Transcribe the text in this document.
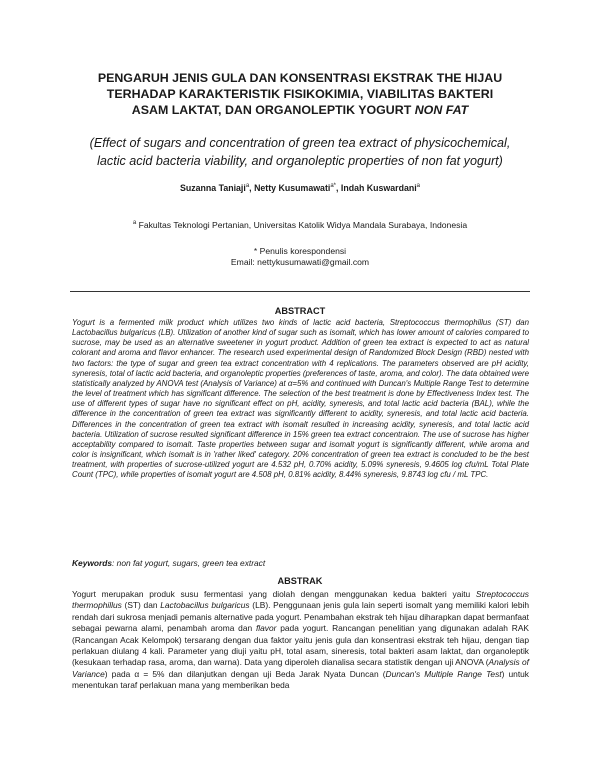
PENGARUH JENIS GULA DAN KONSENTRASI EKSTRAK THE HIJAU
TERHADAP KARAKTERISTIK FISIKOKIMIA, VIABILITAS BAKTERI
ASAM LAKTAT, DAN ORGANOLEPTIK YOGURT NON FAT
(Effect of sugars and concentration of green tea extract of physicochemical,
lactic acid bacteria viability, and organoleptic properties of non fat yogurt)
Suzanna Taniaji$^a$, Netty Kusumawati$^{a*}$, Indah Kuswardani$^a$
$^a$ Fakultas Teknologi Pertanian, Universitas Katolik Widya Mandala Surabaya, Indonesia
* Penulis korespondensi
Email: nettykusumawati@gmail.com
ABSTRACT
Yogurt is a fermented milk product which utilizes two kinds of lactic acid bacteria, Streptococcus thermophillus (ST) dan Lactobacillus bulgaricus (LB). Utilization of another kind of sugar such as isomalt, which has lower amount of calories compared to sucrose, may be used as an alternative sweetener in yogurt product. Addition of green tea extract is expected to act as natural colorant and aroma and flavor enhancer. The research used experimental design of Randomized Block Design (RBD) nested with two factors: the type of sugar and green tea extract concentration with 4 replications. The parameters observed are pH acidity, syneresis, total of lactic acid bacteria, and organoleptic properties (preferences of taste, aroma, and color). The data obtained were statistically analyzed by ANOVA test (Analysis of Variance) at α=5% and continued with Duncan's Multiple Range Test to determine the level of treatment which has significant difference. The selection of the best treatment is done by Effectiveness Index test. The use of different types of sugar have no significant effect on pH, acidity, syneresis, and total lactic acid bacteria (BAL), while the difference in the concentration of green tea extract was significantly different to acidity, syneresis, and total lactic acid bacteria. Differences in the concentration of green tea extract with isomalt resulted in increasing acidity, syneresis, and total lactic acid bacteria. Utilization of sucrose resulted significant difference in 15% green tea extract concentraion. The use of sucrose has higher acceptability compared to isomalt. Taste properties between sugar and isomalt yogurt is significantly different, while aroma and color is insignificant, which isomalt is in 'rather liked' category. 20% concentration of green tea extract is concluded to be the best treatment, with properties of sucrose-utilized yogurt are 4.532 pH, 0.70% acidity, 5.09% syneresis, 9.4605 log cfu/mL Total Plate Count (TPC), while properties of isomalt yogurt are 4.508 pH, 0.81% acidity, 8.44% syneresis, 9.8743 log cfu / mL TPC.
Keywords: non fat yogurt, sugars, green tea extract
ABSTRAK
Yogurt merupakan produk susu fermentasi yang diolah dengan menggunakan kedua bakteri yaitu Streptococcus thermophillus (ST) dan Lactobacillus bulgaricus (LB). Penggunaan jenis gula lain seperti isomalt yang memiliki kalori lebih rendah dari sukrosa menjadi pemanis alternative pada yogurt. Penambahan ekstrak teh hijau diharapkan dapat bermanfaat sebagai pewarna alami, penambah aroma dan flavor pada yogurt. Rancangan penelitian yang digunakan adalah RAK (Rancangan Acak Kelompok) tersarang dengan dua faktor yaitu jenis gula dan konsentrasi ekstrak teh hijau, dengan tiap perlakuan diulang 4 kali. Parameter yang diuji yaitu pH, total asam, sineresis, total bakteri asam laktat, dan organoleptik (kesukaan terhadap rasa, aroma, dan warna). Data yang diperoleh dianalisa secara statistik dengan uji ANOVA (Analysis of Variance) pada α = 5% dan dilanjutkan dengan uji Beda Jarak Nyata Duncan (Duncan's Multiple Range Test) untuk menentukan taraf perlakuan mana yang memberikan beda
